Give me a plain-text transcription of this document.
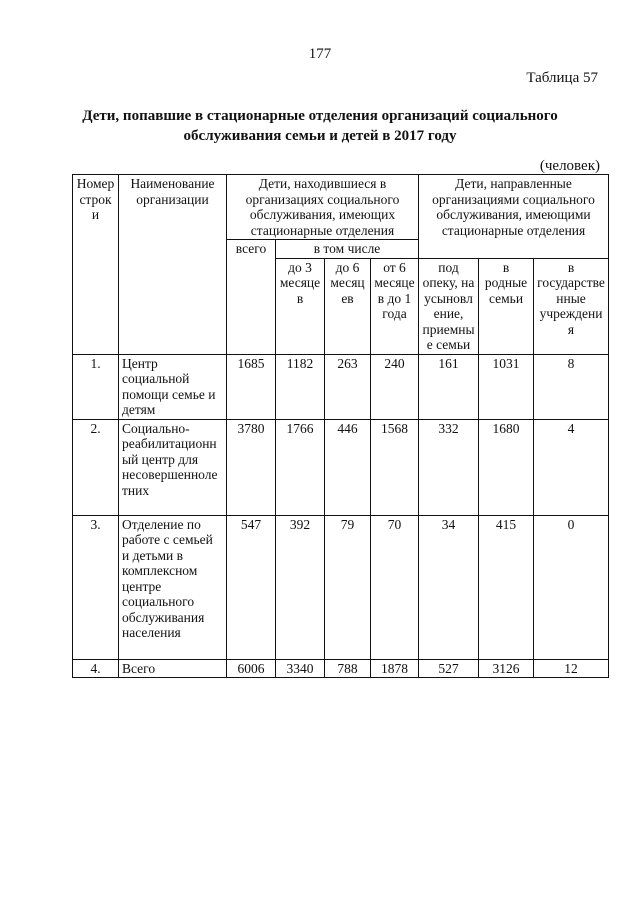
177
Таблица 57
Дети, попавшие в стационарные отделения организаций социального обслуживания семьи и детей в 2017 году
(человек)
Номер строки	Наименование организации	Дети, находившиеся в организациях социального обслуживания, имеющих стационарные отделения				Дети, направленные организациями социального обслуживания, имеющими стационарные отделения		
		всего	в том числе					
			до 3 месяцев	до 6 месяцев	от 6 месяцев до 1 года	под опеку, на усыновление, приемные семьи	в родные семьи	в государственные учреждения
1.	Центр социальной помощи семье и детям	1685	1182	263	240	161	1031	8
2.	Социально-реабилитационный центр для несовершеннолетних	3780	1766	446	1568	332	1680	4
3.	Отделение по работе с семьей и детьми в комплексном центре социального обслуживания населения	547	392	79	70	34	415	0
4.	Всего	6006	3340	788	1878	527	3126	12
